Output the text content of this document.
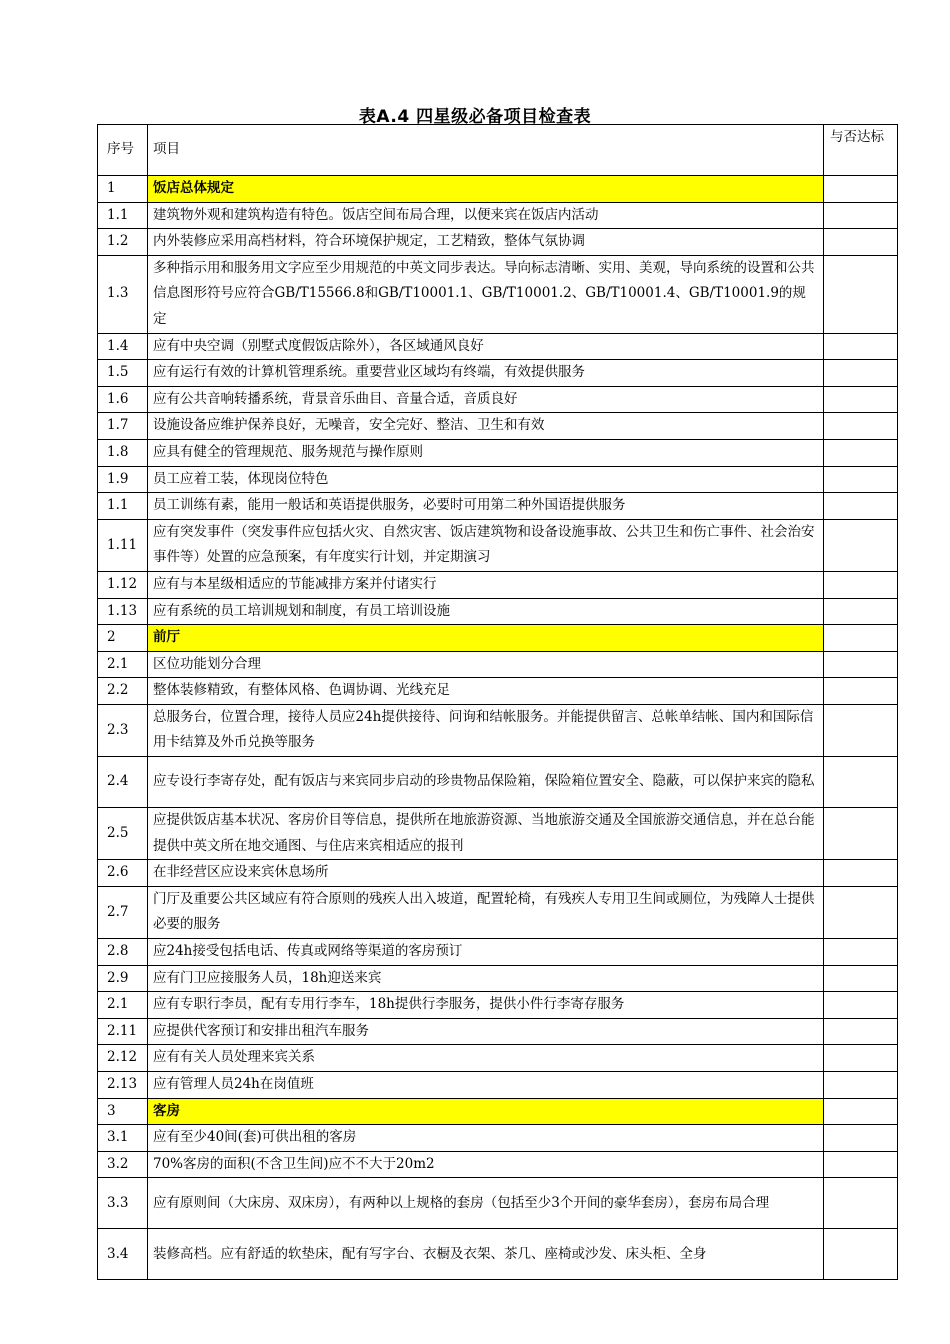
表A.4 四星级必备项目检查表
序号	项目	与否达标
1	饭店总体规定	
1.1	建筑物外观和建筑构造有特色。饭店空间布局合理，以便来宾在饭店内活动	
1.2	内外装修应采用高档材料，符合环境保护规定，工艺精致，整体气氛协调	
1.3	多种指示用和服务用文字应至少用规范的中英文同步表达。导向标志清晰、实用、美观，导向系统的设置和公共信息图形符号应符合GB/T15566.8和GB/T10001.1、GB/T10001.2、GB/T10001.4、GB/T10001.9的规定	
1.4	应有中央空调（别墅式度假饭店除外），各区域通风良好	
1.5	应有运行有效的计算机管理系统。重要营业区域均有终端，有效提供服务	
1.6	应有公共音响转播系统，背景音乐曲目、音量合适，音质良好	
1.7	设施设备应维护保养良好，无噪音，安全完好、整洁、卫生和有效	
1.8	应具有健全的管理规范、服务规范与操作原则	
1.9	员工应着工装，体现岗位特色	
1.1	员工训练有素，能用一般话和英语提供服务，必要时可用第二种外国语提供服务	
1.11	应有突发事件（突发事件应包括火灾、自然灾害、饭店建筑物和设备设施事故、公共卫生和伤亡事件、社会治安事件等）处置的应急预案，有年度实行计划，并定期演习	
1.12	应有与本星级相适应的节能减排方案并付诸实行	
1.13	应有系统的员工培训规划和制度，有员工培训设施	
2	前厅	
2.1	区位功能划分合理	
2.2	整体装修精致，有整体风格、色调协调、光线充足	
2.3	总服务台，位置合理，接待人员应24h提供接待、问询和结帐服务。并能提供留言、总帐单结帐、国内和国际信用卡结算及外币兑换等服务	
2.4	应专设行李寄存处，配有饭店与来宾同步启动的珍贵物品保险箱，保险箱位置安全、隐蔽，可以保护来宾的隐私	
2.5	应提供饭店基本状况、客房价目等信息，提供所在地旅游资源、当地旅游交通及全国旅游交通信息，并在总台能提供中英文所在地交通图、与住店来宾相适应的报刊	
2.6	在非经营区应设来宾休息场所	
2.7	门厅及重要公共区域应有符合原则的残疾人出入坡道，配置轮椅，有残疾人专用卫生间或厕位，为残障人士提供必要的服务	
2.8	应24h接受包括电话、传真或网络等渠道的客房预订	
2.9	应有门卫应接服务人员，18h迎送来宾	
2.1	应有专职行李员，配有专用行李车，18h提供行李服务，提供小件行李寄存服务	
2.11	应提供代客预订和安排出租汽车服务	
2.12	应有有关人员处理来宾关系	
2.13	应有管理人员24h在岗值班	
3	客房	
3.1	应有至少40间(套)可供出租的客房	
3.2	70%客房的面积(不含卫生间)应不不大于20m2	
3.3	应有原则间（大床房、双床房），有两种以上规格的套房（包括至少3个开间的豪华套房），套房布局合理	
3.4	装修高档。应有舒适的软垫床，配有写字台、衣橱及衣架、茶几、座椅或沙发、床头柜、全身	
